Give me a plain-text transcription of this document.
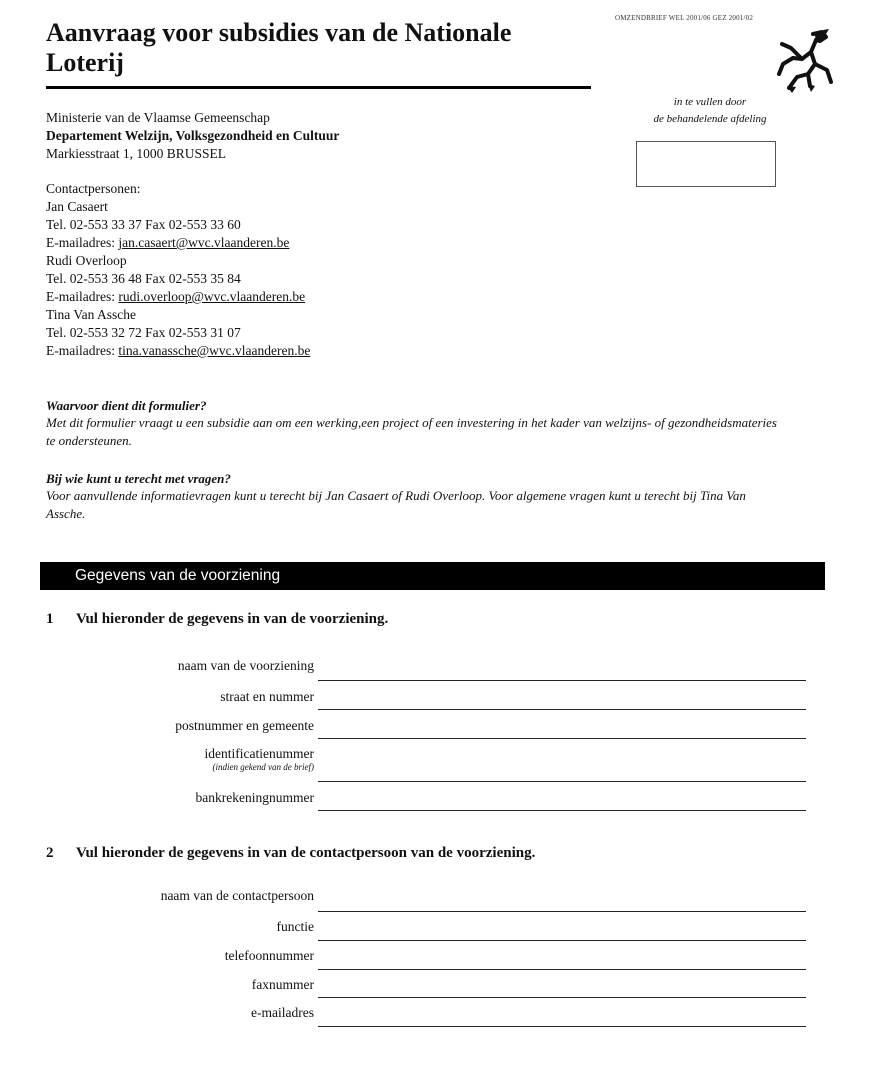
OMZENDBRIEF WEL 2001/06 GEZ 2001/02
Aanvraag voor subsidies van de Nationale Loterij
in te vullen door
de behandelende afdeling
Ministerie van de Vlaamse Gemeenschap
Departement Welzijn, Volksgezondheid en Cultuur
Markiesstraat 1, 1000 BRUSSEL
Contactpersonen:
Jan Casaert
Tel. 02-553 33 37 Fax 02-553 33 60
E-mailadres: jan.casaert@wvc.vlaanderen.be
Rudi Overloop
Tel. 02-553 36 48 Fax 02-553 35 84
E-mailadres: rudi.overloop@wvc.vlaanderen.be
Tina Van Assche
Tel. 02-553 32 72 Fax 02-553 31 07
E-mailadres: tina.vanassche@wvc.vlaanderen.be
Waarvoor dient dit formulier?
Met dit formulier vraagt u een subsidie aan om een werking,een project of een investering in het kader van welzijns- of gezondheidsmateries te ondersteunen.
Bij wie kunt u terecht met vragen?
Voor aanvullende informatievragen kunt u terecht bij Jan Casaert of Rudi Overloop. Voor algemene vragen kunt u terecht bij Tina Van Assche.
Gegevens van de voorziening
1 Vul hieronder de gegevens in van de voorziening.
naam van de voorziening
straat en nummer
postnummer en gemeente
identificatienummer
(indien gekend van de brief)
bankrekeningnummer
2 Vul hieronder de gegevens in van de contactpersoon van de voorziening.
naam van de contactpersoon
functie
telefoonnummer
faxnummer
e-mailadres
